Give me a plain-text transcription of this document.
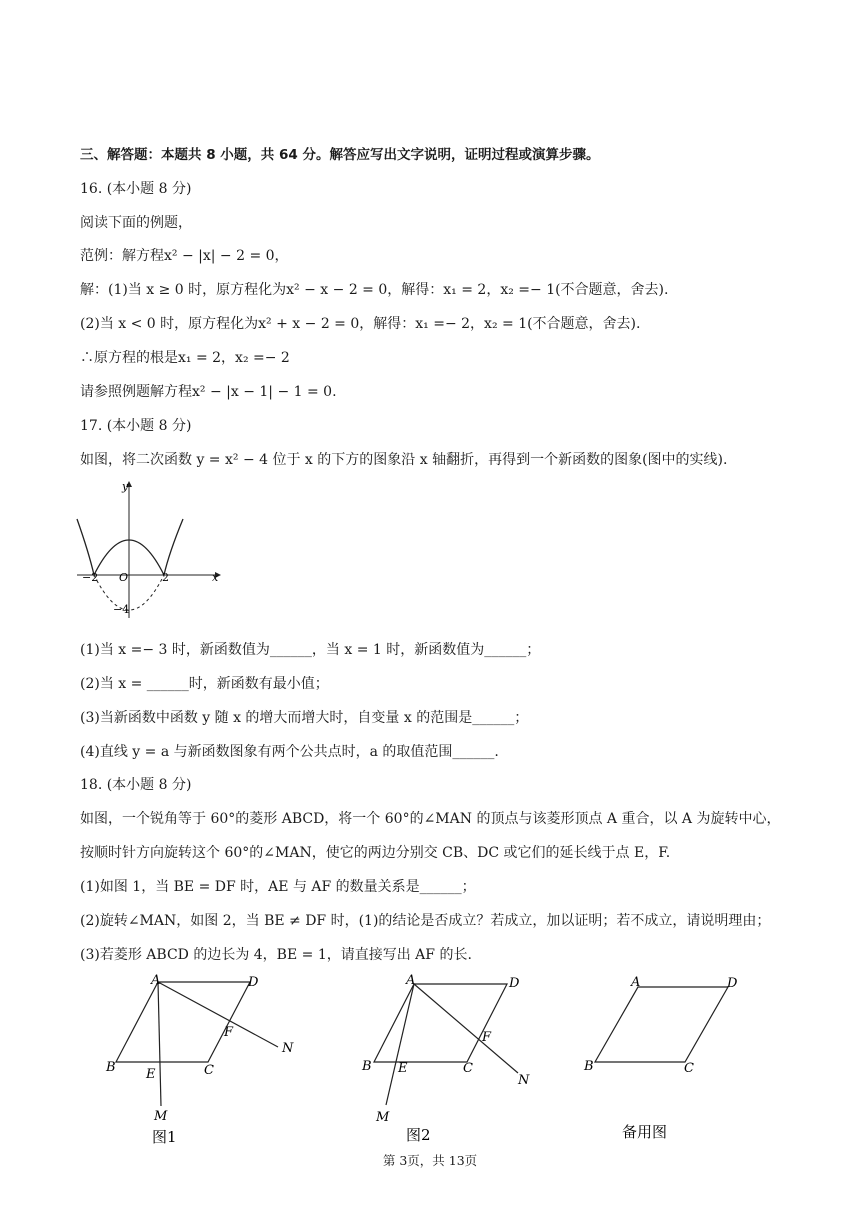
三、解答题：本题共 8 小题，共 64 分。解答应写出文字说明，证明过程或演算步骤。
16. (本小题 8 分)
阅读下面的例题，
范例：解方程x² − |x| − 2 = 0，
解：(1)当 x ≥ 0 时，原方程化为x² − x − 2 = 0，解得：x₁ = 2，x₂ =− 1(不合题意，舍去).
(2)当 x < 0 时，原方程化为x² + x − 2 = 0，解得：x₁ =− 2，x₂ = 1(不合题意，舍去).
∴原方程的根是x₁ = 2，x₂ =− 2
请参照例题解方程x² − |x − 1| − 1 = 0.
17. (本小题 8 分)
如图，将二次函数 y = x² − 4 位于 x 的下方的图象沿 x 轴翻折，再得到一个新函数的图象(图中的实线).
y
x
O
−2	2
−4
(1)当 x =− 3 时，新函数值为______，当 x = 1 时，新函数值为______；
(2)当 x = ______时，新函数有最小值；
(3)当新函数中函数 y 随 x 的增大而增大时，自变量 x 的范围是______；
(4)直线 y = a 与新函数图象有两个公共点时，a 的取值范围______.
18. (本小题 8 分)
如图，一个锐角等于 60°的菱形 ABCD，将一个 60°的∠MAN 的顶点与该菱形顶点 A 重合，以 A 为旋转中心，
按顺时针方向旋转这个 60°的∠MAN，使它的两边分别交 CB、DC 或它们的延长线于点 E，F.
(1)如图 1，当 BE = DF 时，AE 与 AF 的数量关系是______；
(2)旋转∠MAN，如图 2，当 BE ≠ DF 时，(1)的结论是否成立？若成立，加以证明；若不成立，请说明理由；
(3)若菱形 ABCD 的边长为 4，BE = 1，请直接写出 AF 的长.
A	D
B	C
E
F
M
N
图1
A	D
B	C
E
F
M
N
图2
A	D
B	C
备用图
第 3页，共 13页
